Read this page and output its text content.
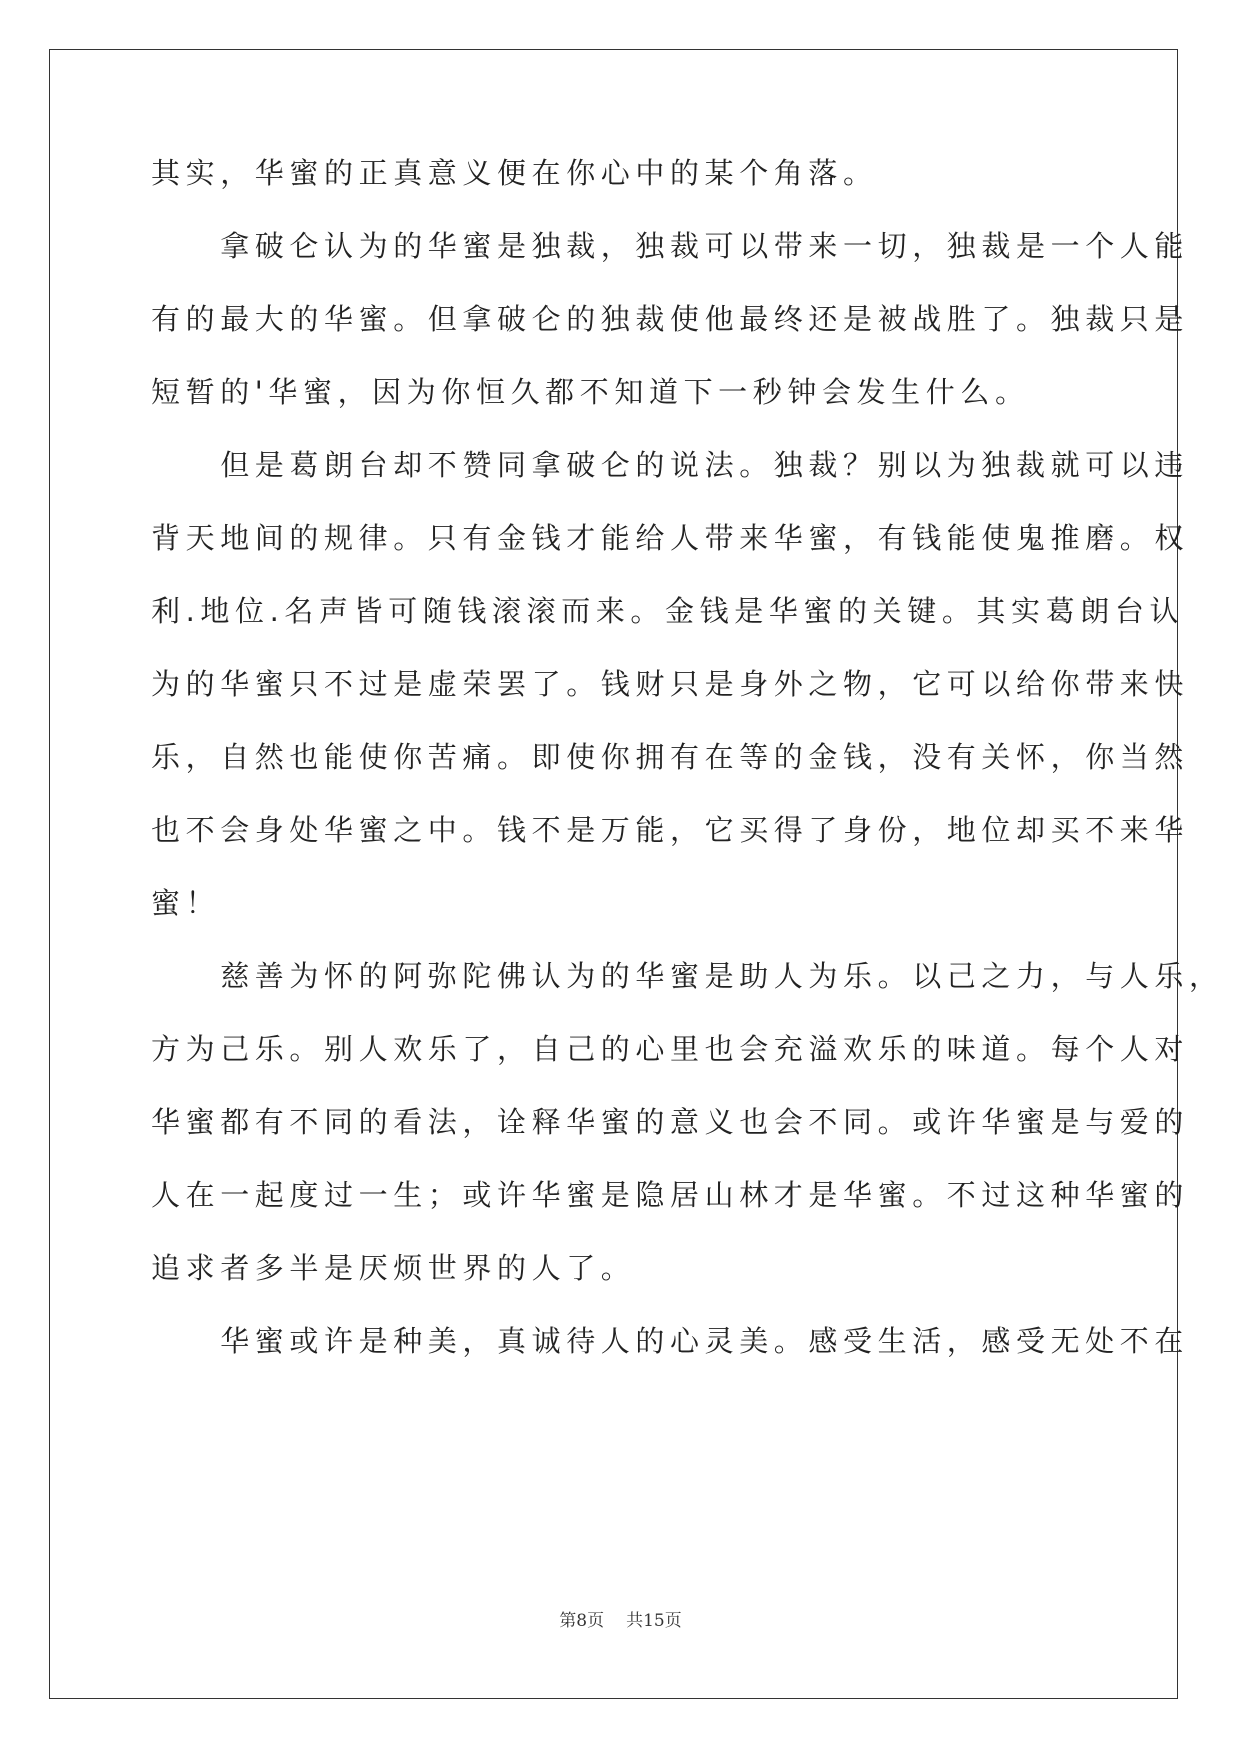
其实，华蜜的正真意义便在你心中的某个角落。
　　拿破仑认为的华蜜是独裁，独裁可以带来一切，独裁是一个人能
有的最大的华蜜。但拿破仑的独裁使他最终还是被战胜了。独裁只是
短暂的'华蜜，因为你恒久都不知道下一秒钟会发生什么。
　　但是葛朗台却不赞同拿破仑的说法。独裁？别以为独裁就可以违
背天地间的规律。只有金钱才能给人带来华蜜，有钱能使鬼推磨。权
利.地位.名声皆可随钱滚滚而来。金钱是华蜜的关键。其实葛朗台认
为的华蜜只不过是虚荣罢了。钱财只是身外之物，它可以给你带来快
乐，自然也能使你苦痛。即使你拥有在等的金钱，没有关怀，你当然
也不会身处华蜜之中。钱不是万能，它买得了身份，地位却买不来华
蜜！
　　慈善为怀的阿弥陀佛认为的华蜜是助人为乐。以己之力，与人乐，
方为己乐。别人欢乐了，自己的心里也会充溢欢乐的味道。每个人对
华蜜都有不同的看法，诠释华蜜的意义也会不同。或许华蜜是与爱的
人在一起度过一生；或许华蜜是隐居山林才是华蜜。不过这种华蜜的
追求者多半是厌烦世界的人了。
　　华蜜或许是种美，真诚待人的心灵美。感受生活，感受无处不在
第8页 共15页
